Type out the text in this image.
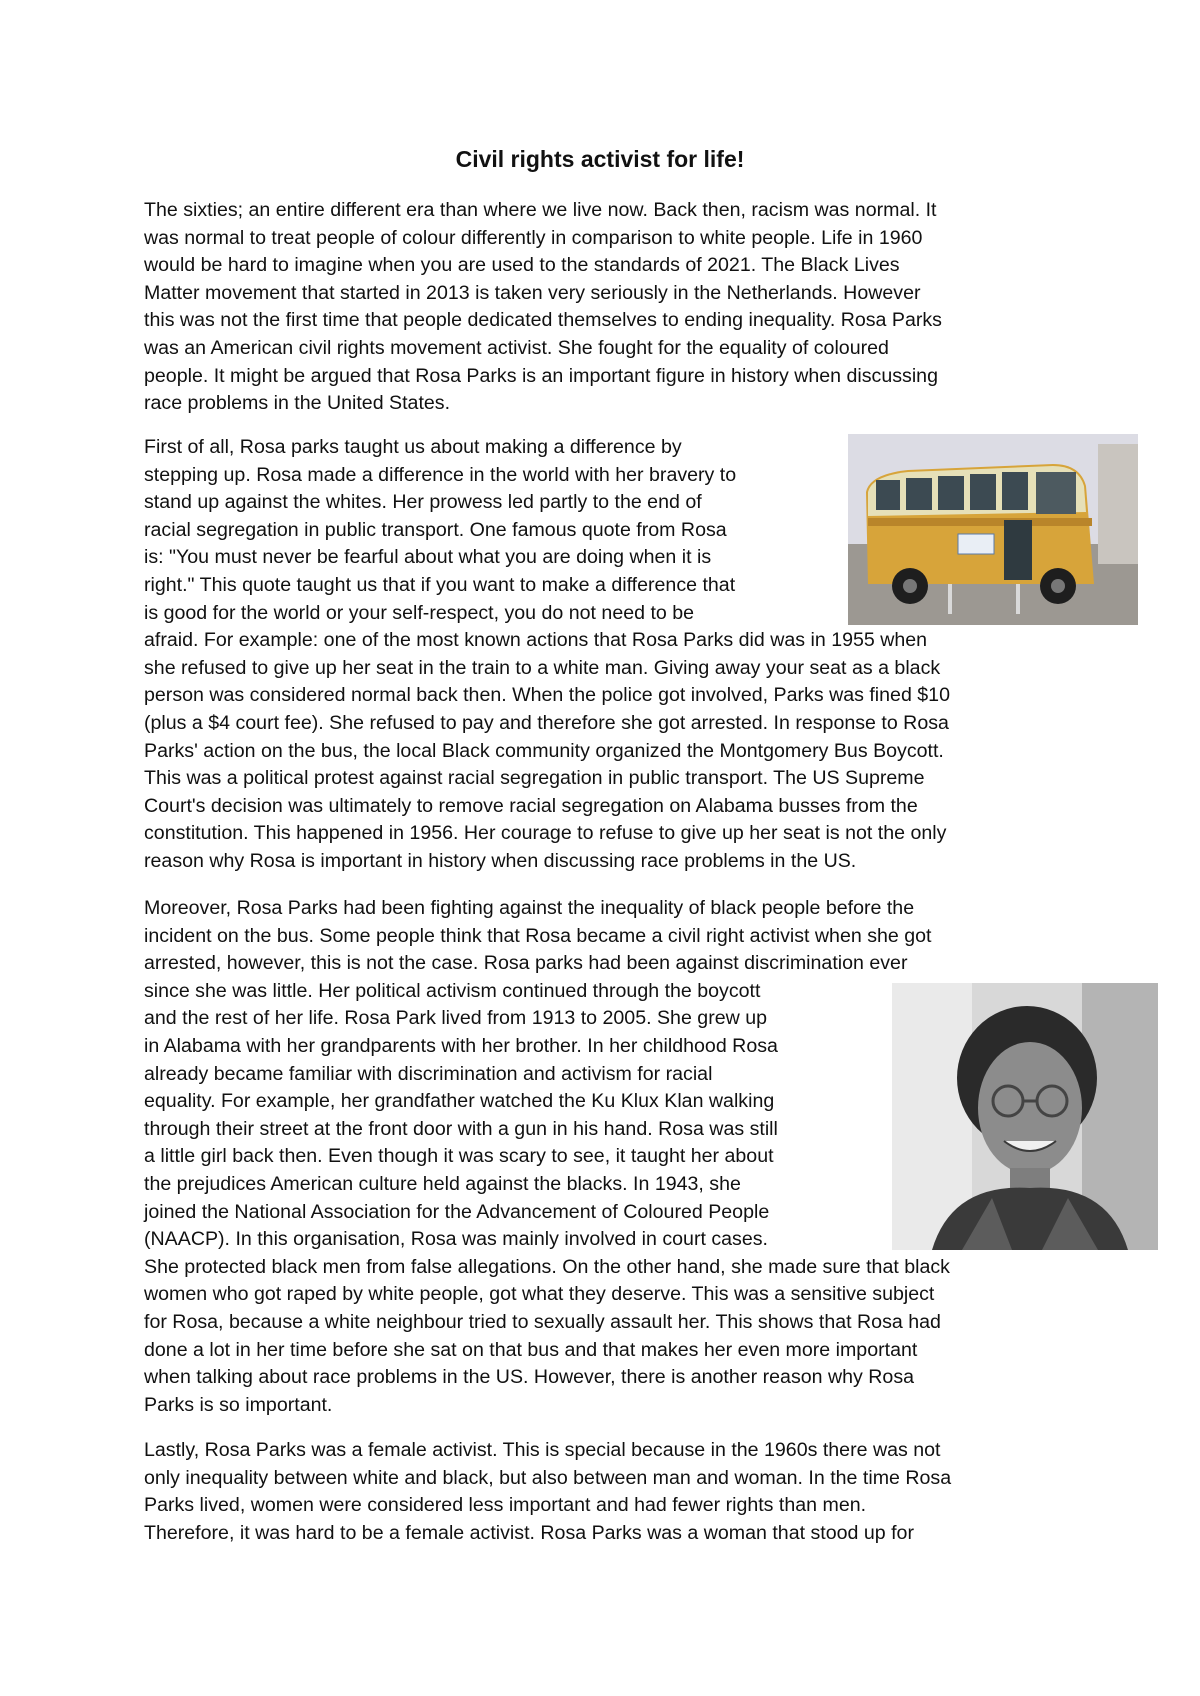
Civil rights activist for life!
The sixties; an entire different era than where we live now. Back then, racism was normal. It
was normal to treat people of colour differently in comparison to white people. Life in 1960
would be hard to imagine when you are used to the standards of 2021. The Black Lives
Matter movement that started in 2013 is taken very seriously in the Netherlands. However
this was not the first time that people dedicated themselves to ending inequality. Rosa Parks
was an American civil rights movement activist. She fought for the equality of coloured
people. It might be argued that Rosa Parks is an important figure in history when discussing
race problems in the United States.
First of all, Rosa parks taught us about making a difference by
stepping up. Rosa made a difference in the world with her bravery to
stand up against the whites. Her prowess led partly to the end of
racial segregation in public transport. One famous quote from Rosa
is: "You must never be fearful about what you are doing when it is
right." This quote taught us that if you want to make a difference that
is good for the world or your self-respect, you do not need to be
afraid. For example: one of the most known actions that Rosa Parks did was in 1955 when
she refused to give up her seat in the train to a white man. Giving away your seat as a black
person was considered normal back then. When the police got involved, Parks was fined $10
(plus a $4 court fee). She refused to pay and therefore she got arrested. In response to Rosa
Parks' action on the bus, the local Black community organized the Montgomery Bus Boycott.
This was a political protest against racial segregation in public transport. The US Supreme
Court's decision was ultimately to remove racial segregation on Alabama busses from the
constitution. This happened in 1956. Her courage to refuse to give up her seat is not the only
reason why Rosa is important in history when discussing race problems in the US.
Moreover, Rosa Parks had been fighting against the inequality of black people before the
incident on the bus. Some people think that Rosa became a civil right activist when she got
arrested, however, this is not the case. Rosa parks had been against discrimination ever
since she was little. Her political activism continued through the boycott
and the rest of her life. Rosa Park lived from 1913 to 2005. She grew up
in Alabama with her grandparents with her brother. In her childhood Rosa
already became familiar with discrimination and activism for racial
equality. For example, her grandfather watched the Ku Klux Klan walking
through their street at the front door with a gun in his hand. Rosa was still
a little girl back then. Even though it was scary to see, it taught her about
the prejudices American culture held against the blacks. In 1943, she
joined the National Association for the Advancement of Coloured People
(NAACP). In this organisation, Rosa was mainly involved in court cases.
She protected black men from false allegations. On the other hand, she made sure that black
women who got raped by white people, got what they deserve. This was a sensitive subject
for Rosa, because a white neighbour tried to sexually assault her. This shows that Rosa had
done a lot in her time before she sat on that bus and that makes her even more important
when talking about race problems in the US. However, there is another reason why Rosa
Parks is so important.
Lastly, Rosa Parks was a female activist. This is special because in the 1960s there was not
only inequality between white and black, but also between man and woman. In the time Rosa
Parks lived, women were considered less important and had fewer rights than men.
Therefore, it was hard to be a female activist. Rosa Parks was a woman that stood up for
